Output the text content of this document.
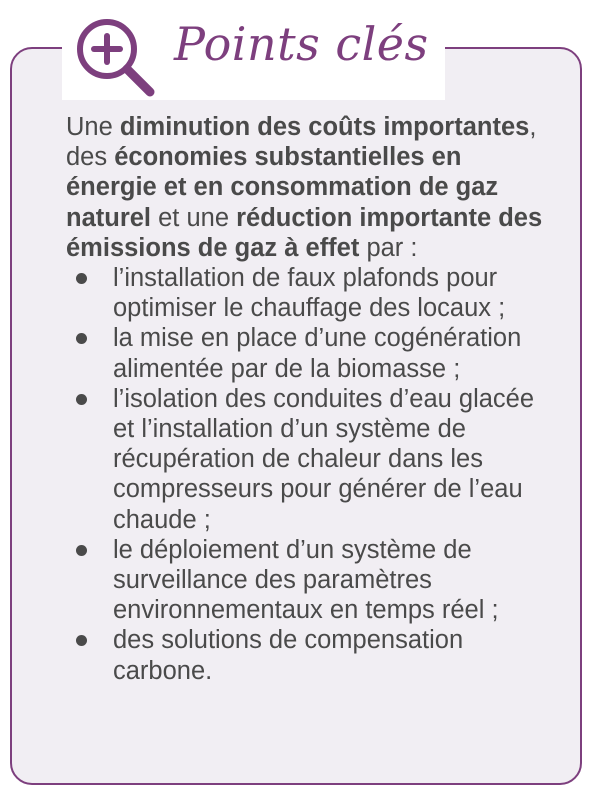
Points clés

Une diminution des coûts importantes, des économies substantielles en énergie et en consommation de gaz naturel et une réduction importante des émissions de gaz à effet par :

l’installation de faux plafonds pour optimiser le chauffage des locaux ;
la mise en place d’une cogénération alimentée par de la biomasse ;
l’isolation des conduites d’eau glacée et l’installation d’un système de récupération de chaleur dans les compresseurs pour générer de l’eau chaude ;
le déploiement d’un système de surveillance des paramètres environnementaux en temps réel ;
des solutions de compensation carbone.
